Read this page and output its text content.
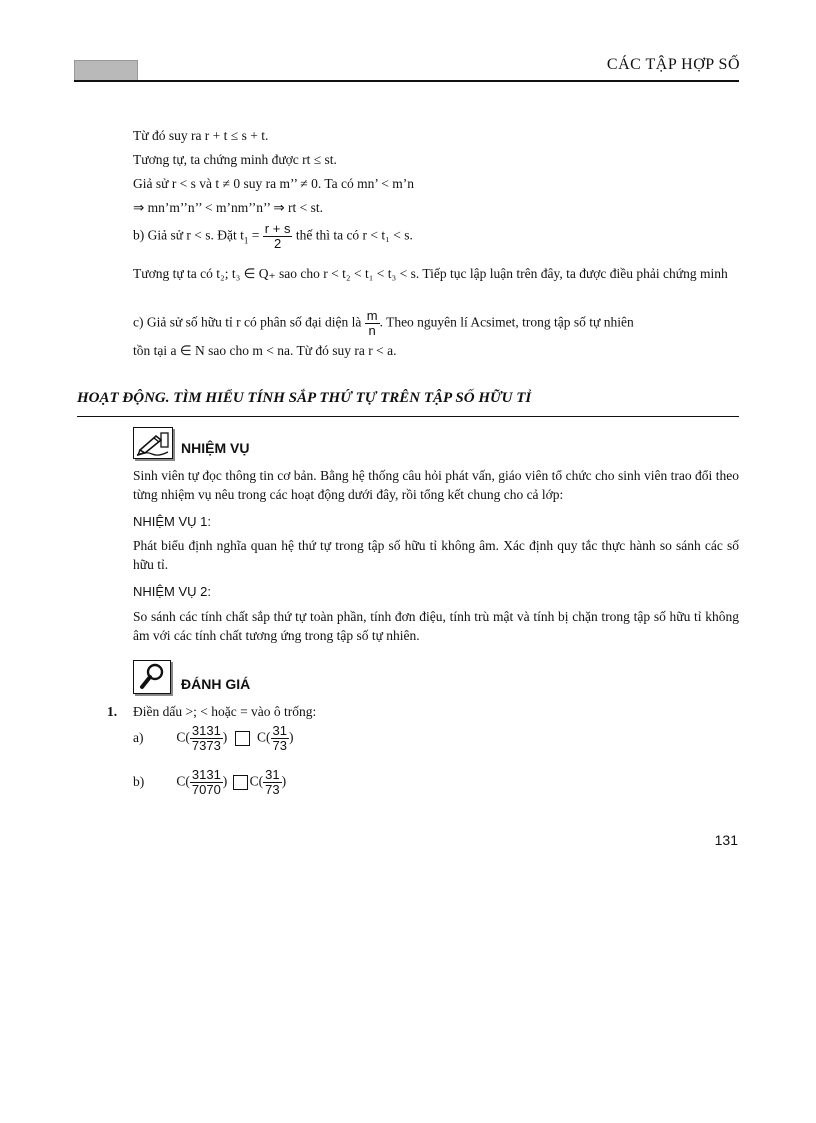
CÁC TẬP HỢP SỐ
Từ đó suy ra r + t ≤ s + t.
Tương tự, ta chứng minh được rt ≤ st.
Giả sử r < s và t ≠ 0 suy ra m’’ ≠ 0. Ta có mn’ < m’n
⇒ mn’m’’n’’ < m’nm’’n’’ ⇒ rt < st.
b) Giả sử r < s. Đặt $t_1 = \frac{r + s}{2}$ thế thì ta có r < t₁ < s.
Tương tự ta có t₂; t₃ ∈ Q₊ sao cho r < t₂ < t₁ < t₃ < s. Tiếp tục lập luận trên đây, ta được điều phải chứng minh
c) Giả sử số hữu tỉ r có phân số đại diện là $\frac{m}{n}$ . Theo nguyên lí Acsimet, trong tập số tự nhiên
tồn tại a ∈ N sao cho m < na. Từ đó suy ra r < a.
HOẠT ĐỘNG. TÌM HIỂU TÍNH SẮP THỨ TỰ TRÊN TẬP SỐ HỮU TỈ
NHIỆM VỤ
Sinh viên tự đọc thông tin cơ bản. Bằng hệ thống câu hỏi phát vấn, giáo viên tổ chức cho sinh viên trao đổi theo từng nhiệm vụ nêu trong các hoạt động dưới đây, rồi tổng kết chung cho cả lớp:
NHIỆM VỤ 1:
Phát biểu định nghĩa quan hệ thứ tự trong tập số hữu tỉ không âm. Xác định quy tắc thực hành so sánh các số hữu tỉ.
NHIỆM VỤ 2:
So sánh các tính chất sắp thứ tự toàn phần, tính đơn điệu, tính trù mật và tính bị chặn trong tập số hữu tỉ không âm với các tính chất tương ứng trong tập số tự nhiên.
ĐÁNH GIÁ
1. Điền dấu >; < hoặc = vào ô trống:
a) $C( \frac{3131}{7373}$ ) $C( \frac{31}{73}$ )
b) $C( \frac{3131}{7070}$ ) $C( \frac{31}{73}$ )
131
